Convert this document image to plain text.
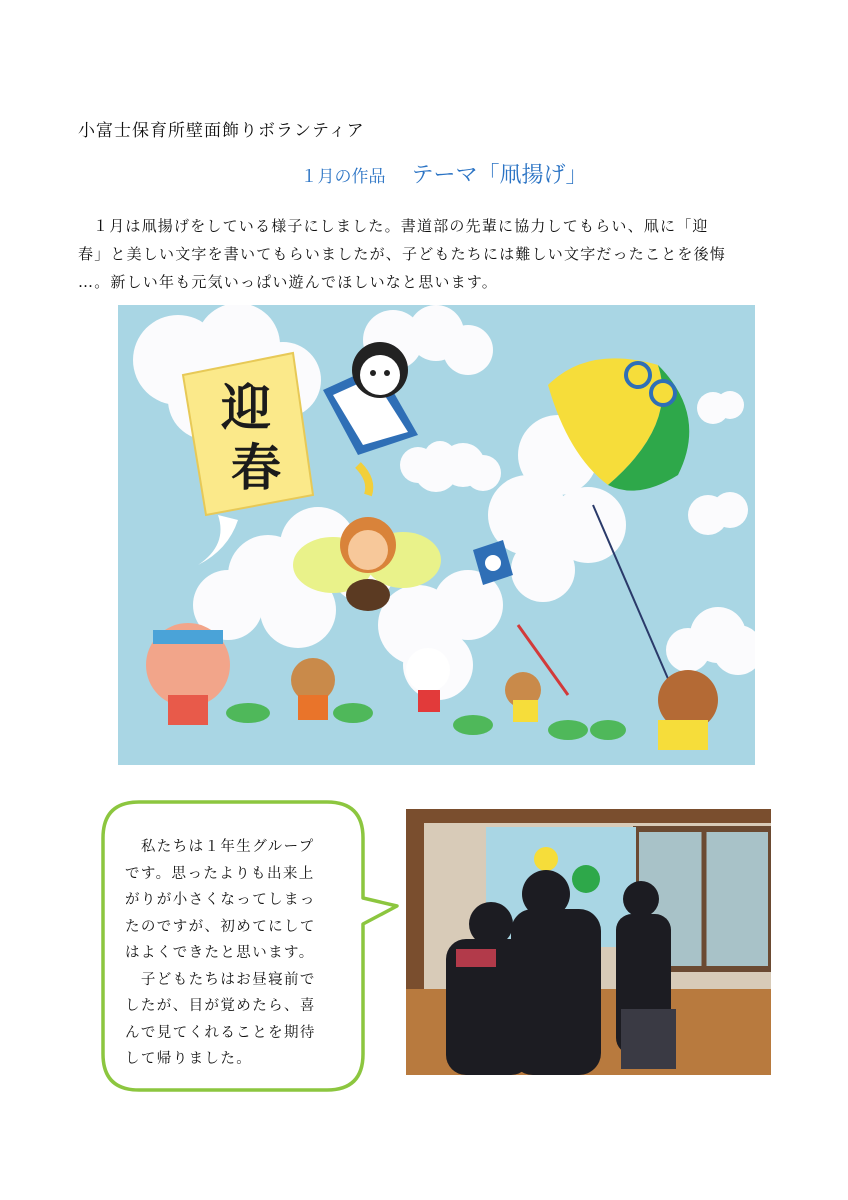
小富士保育所壁面飾りボランティア
１月の作品 テーマ「凧揚げ」

１月は凧揚げをしている様子にしました。書道部の先輩に協力してもらい、凧に「迎
春」と美しい文字を書いてもらいましたが、子どもたちには難しい文字だったことを後悔
…。新しい年も元気いっぱい遊んでほしいなと思います。

迎
春
　私たちは１年生グループ
です。思ったよりも出来上
がりが小さくなってしまっ
たのですが、初めてにして
はよくできたと思います。
　子どもたちはお昼寝前で
したが、目が覚めたら、喜
んで見てくれることを期待
して帰りました。
